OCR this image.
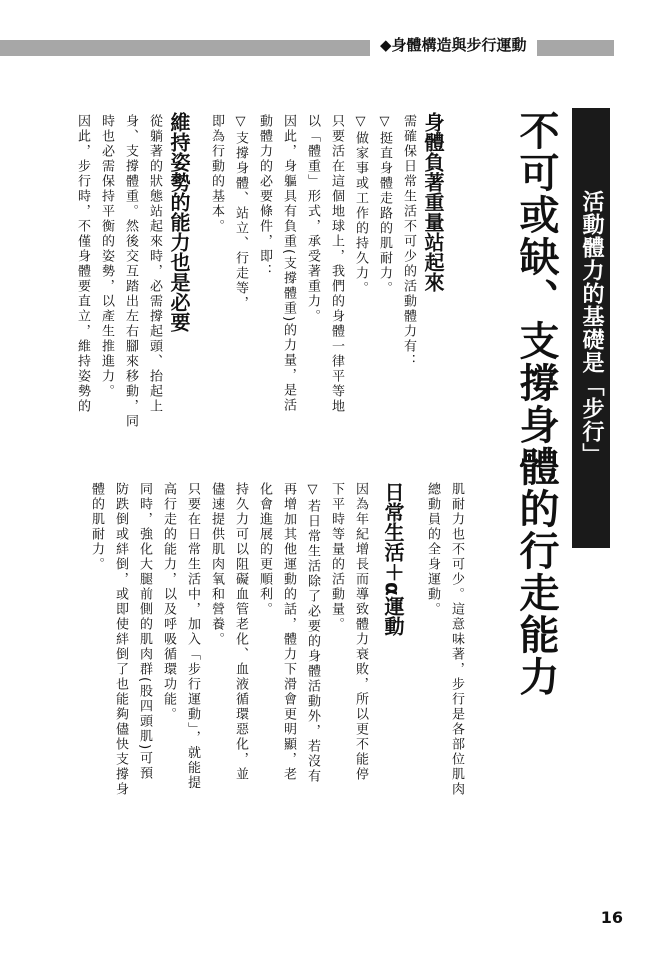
◆身體構造與步行運動
活動體力的基礎是「步行」
不可或缺、支撐身體的行走能力
身體負著重量站起來
需確保日常生活不可少的活動體力有：
▽挺直身體走路的肌耐力。
▽做家事或工作的持久力。
只要活在這個地球上，我們的身體一律平等地
以「體重」形式，承受著重力。
因此，身軀具有負重(支撐體重)的力量，是活
動體力的必要條件，即：
▽支撐身體、站立、行走等，
即為行動的基本。
維持姿勢的能力也是必要
從躺著的狀態站起來時，必需撐起頭、抬起上
身、支撐體重。然後交互踏出左右腳來移動，同
時也必需保持平衡的姿勢，以產生推進力。
因此，步行時，不僅身體要直立，維持姿勢的
肌耐力也不可少。這意味著，步行是各部位肌肉
總動員的全身運動。
日常生活＋α運動
因為年紀增長而導致體力衰敗，所以更不能停
下平時等量的活動量。
▽若日常生活除了必要的身體活動外，若沒有
再增加其他運動的話，體力下滑會更明顯，老
化會進展的更順利。
持久力可以阻礙血管老化、血液循環惡化，並
儘速提供肌肉氧和營養。
只要在日常生活中，加入「步行運動」，就能提
高行走的能力，以及呼吸循環功能。
同時，強化大腿前側的肌肉群(股四頭肌)可預
防跌倒或絆倒，或即使絆倒了也能夠儘快支撐身
體的肌耐力。
16
